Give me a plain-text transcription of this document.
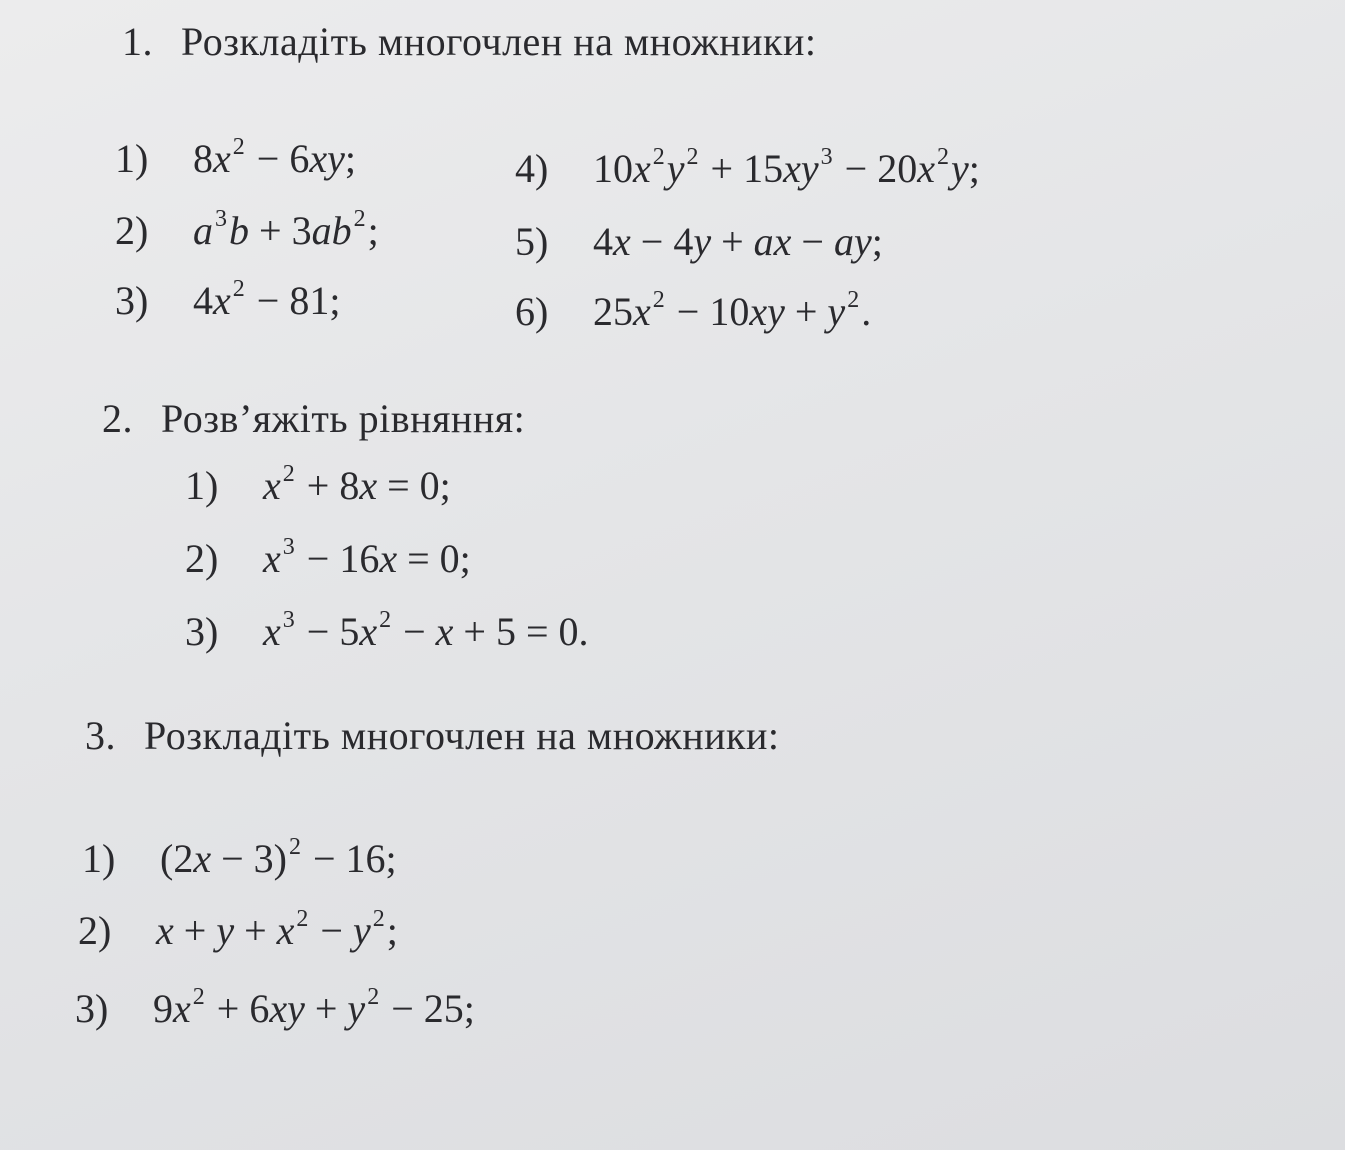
1. Розкладіть многочлен на множники:
1) $8x^2 - 6xy$;
2) $a^3b + 3ab^2$;
3) $4x^2 - 81$;
4) $10x^2y^2 + 15xy^3 - 20x^2y$;
5) 4x − 4y + ax − ay;
6) $25x^2 - 10xy + y^2$.
2. Розв’яжіть рівняння:
1) $x^2 + 8x = 0$;
2) $x^3 - 16x = 0$;
3) $x^3 - 5x^2 - x + 5 = 0$.
3. Розкладіть многочлен на множники:
1) $(2x - 3)^2 - 16$;
2) $x + y + x^2 - y^2$;
3) $9x^2 + 6xy + y^2 - 25$;
